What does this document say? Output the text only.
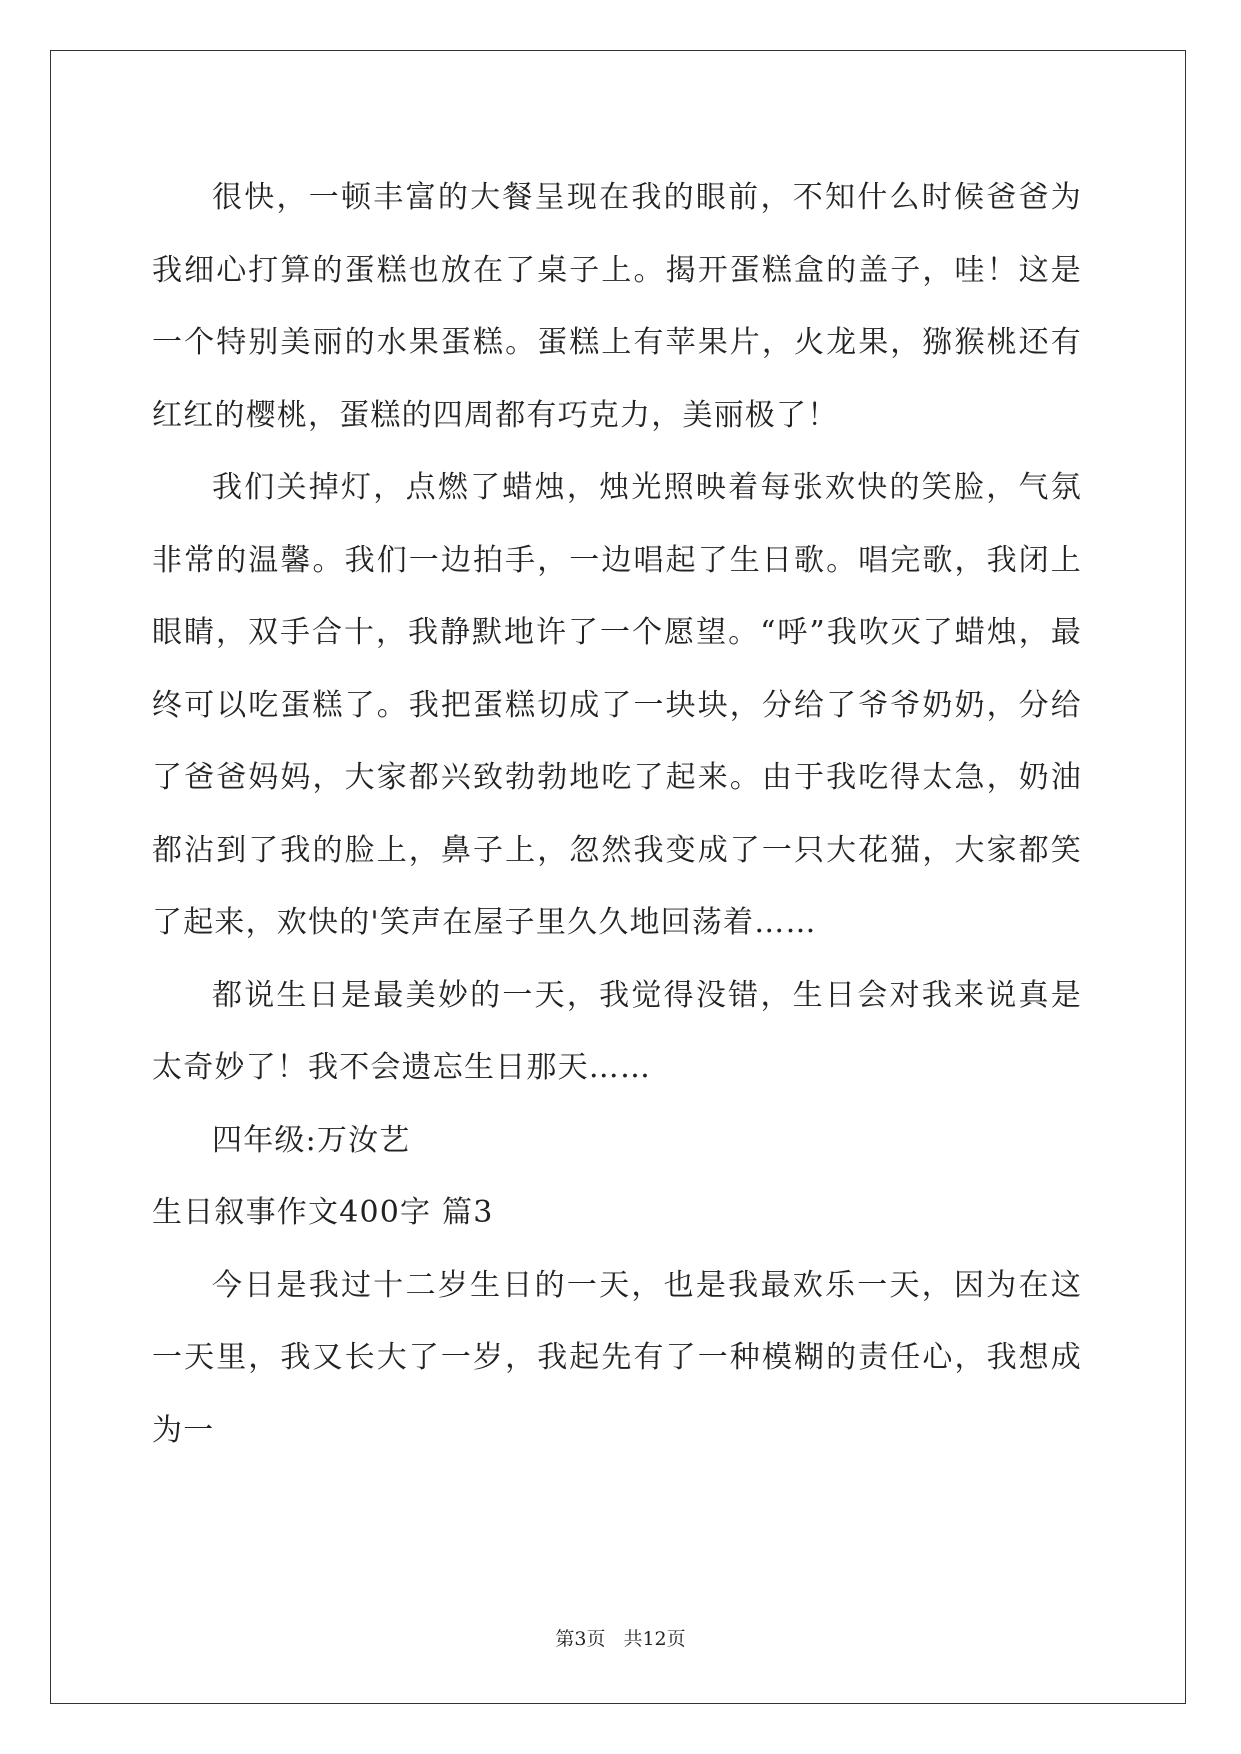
很快，一顿丰富的大餐呈现在我的眼前，不知什么时候爸爸为我细心打算的蛋糕也放在了桌子上。揭开蛋糕盒的盖子，哇！这是一个特别美丽的水果蛋糕。蛋糕上有苹果片，火龙果，猕猴桃还有红红的樱桃，蛋糕的四周都有巧克力，美丽极了！

我们关掉灯，点燃了蜡烛，烛光照映着每张欢快的笑脸，气氛非常的温馨。我们一边拍手，一边唱起了生日歌。唱完歌，我闭上眼睛，双手合十，我静默地许了一个愿望。“呼”我吹灭了蜡烛，最终可以吃蛋糕了。我把蛋糕切成了一块块，分给了爷爷奶奶，分给了爸爸妈妈，大家都兴致勃勃地吃了起来。由于我吃得太急，奶油都沾到了我的脸上，鼻子上，忽然我变成了一只大花猫，大家都笑了起来，欢快的'笑声在屋子里久久地回荡着……

都说生日是最美妙的一天，我觉得没错，生日会对我来说真是太奇妙了！我不会遗忘生日那天……

四年级:万汝艺

生日叙事作文400字 篇3

今日是我过十二岁生日的一天，也是我最欢乐一天，因为在这一天里，我又长大了一岁，我起先有了一种模糊的责任心，我想成为一

第3页 共12页
